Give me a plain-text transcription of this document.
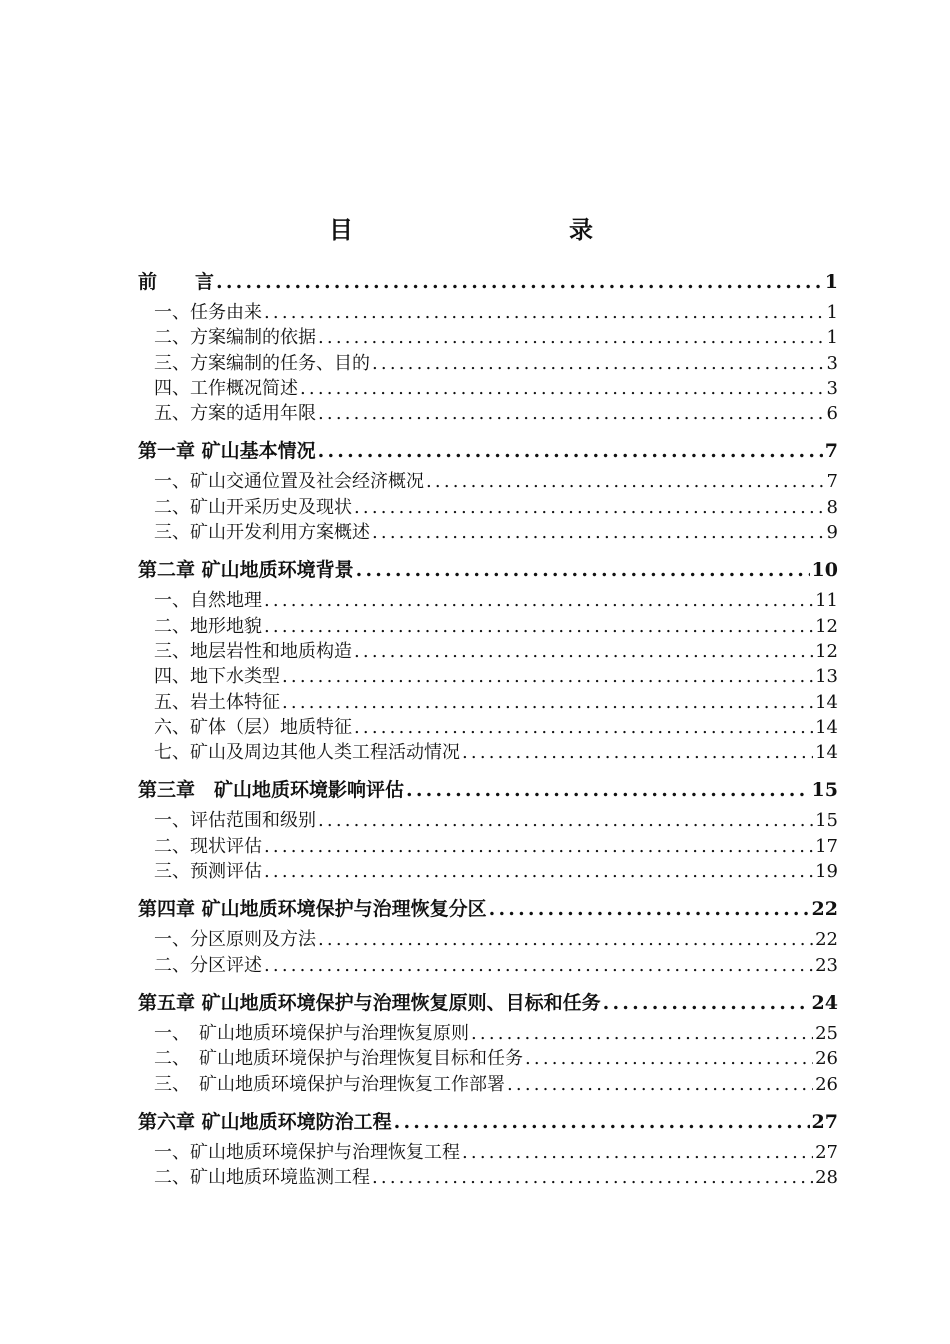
目　　录
前　　言 .....	1
一、任务由来 .....	1
二、方案编制的依据 .....	1
三、方案编制的任务、目的 .....	3
四、工作概况简述 .....	3
五、方案的适用年限 .....	6
第一章 矿山基本情况 .....	7
一、矿山交通位置及社会经济概况 .....	7
二、矿山开采历史及现状 .....	8
三、矿山开发利用方案概述 .....	9
第二章 矿山地质环境背景 .....	10
一、自然地理 .....	11
二、地形地貌 .....	12
三、地层岩性和地质构造 .....	12
四、地下水类型 .....	13
五、岩土体特征 .....	14
六、矿体（层）地质特征 .....	14
七、矿山及周边其他人类工程活动情况 .....	14
第三章　矿山地质环境影响评估 .....	15
一、评估范围和级别 .....	15
二、现状评估 .....	17
三、预测评估 .....	19
第四章 矿山地质环境保护与治理恢复分区 .....	22
一、分区原则及方法 .....	22
二、分区评述 .....	23
第五章 矿山地质环境保护与治理恢复原则、目标和任务 .....	24
一、　矿山地质环境保护与治理恢复原则 .....	25
二、　矿山地质环境保护与治理恢复目标和任务 .....	26
三、　矿山地质环境保护与治理恢复工作部署 .....	26
第六章 矿山地质环境防治工程 .....	27
一、矿山地质环境保护与治理恢复工程 .....	27
二、矿山地质环境监测工程 .....	28
